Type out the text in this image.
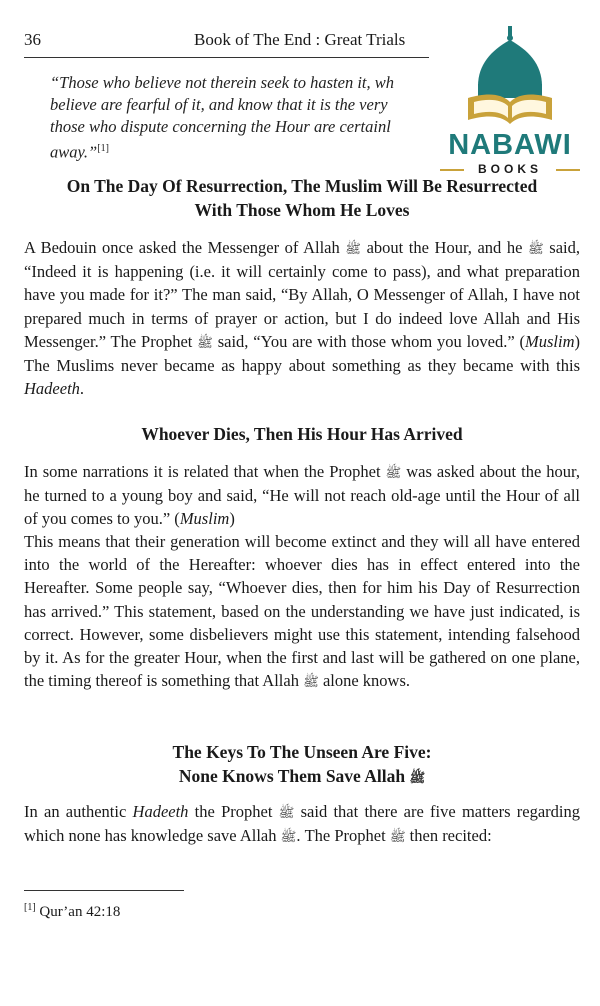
36	Book of The End : Great Trials
NABAWI
BOOKS

“Those who believe not therein seek to hasten it, wh

believe are fearful of it, and know that it is the very

those who dispute concerning the Hour are certainl

away.”[1]

On The Day Of Resurrection, The Muslim Will Be Resurrected
With Those Whom He Loves

A Bedouin once asked the Messenger of Allah ﷺ about the Hour, and he ﷺ said, “Indeed it is happening (i.e. it will certainly come to pass), and what preparation have you made for it?” The man said, “By Allah, O Messenger of Allah, I have not prepared much in terms of prayer or action, but I do indeed love Allah and His Messenger.” The Prophet ﷺ said, “You are with those whom you loved.” (Muslim) The Muslims never became as happy about something as they became with this Hadeeth.

Whoever Dies, Then His Hour Has Arrived

In some narrations it is related that when the Prophet ﷺ was asked about the hour, he turned to a young boy and said, “He will not reach old-age until the Hour of all of you comes to you.” (Muslim)

This means that their generation will become extinct and they will all have entered into the world of the Hereafter: whoever dies has in effect entered into the Hereafter. Some people say, “Whoever dies, then for him his Day of Resurrection has arrived.” This statement, based on the understanding we have just indicated, is correct. However, some disbelievers might use this statement, intending falsehood by it. As for the greater Hour, when the first and last will be gathered on one plane, the timing thereof is something that Allah ﷺ alone knows.

The Keys To The Unseen Are Five:
None Knows Them Save Allah ﷺ

In an authentic Hadeeth the Prophet ﷺ said that there are five matters regarding which none has knowledge save Allah ﷺ. The Prophet ﷺ then recited:

[1] Qur’an 42:18
